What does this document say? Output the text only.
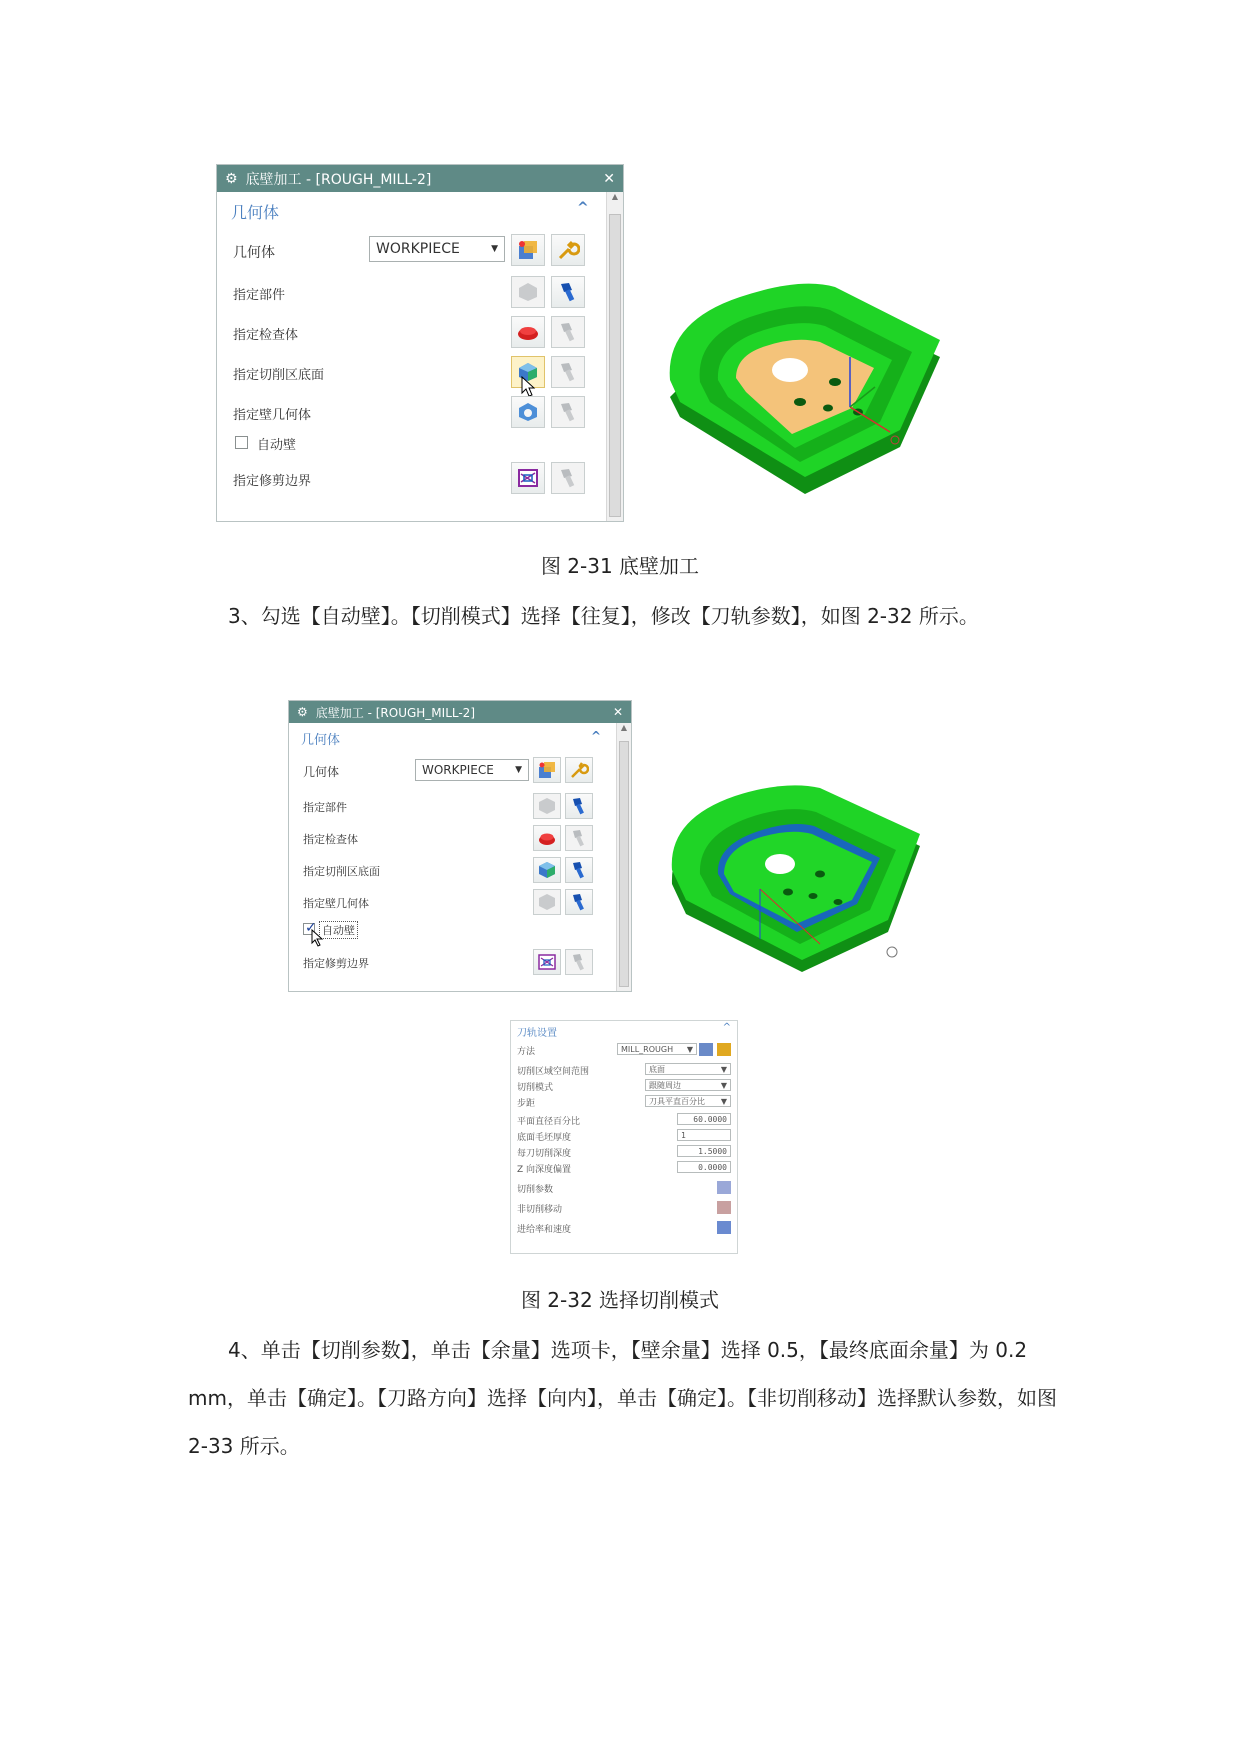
⚙ 底壁加工 - [ROUGH_MILL-2]	✕
几何体	^
几何体	WORKPIECE	▼
指定部件
指定检查体
指定切削区底面
指定壁几何体
自动壁
指定修剪边界
▲
图 2-31 底壁加工

3、勾选【自动壁】。【切削模式】选择【往复】，修改【刀轨参数】，如图 2-32 所示。

⚙ 底壁加工 - [ROUGH_MILL-2]	✕
几何体	^
几何体	WORKPIECE ▼
指定部件
指定检查体
指定切削区底面
指定壁几何体
✓
自动壁
指定修剪边界
▲
刀轨设置
^
方法	MILL_ROUGH ▼
切削区域空间范围	底面	▼
切削模式	跟随周边	▼
步距	刀具平直百分比 ▼
平面直径百分比	60.0000
底面毛坯厚度	1
每刀切削深度	1.5000
Z 向深度偏置	0.0000
切削参数
非切削移动
进给率和速度
图 2-32 选择切削模式

4、单击【切削参数】，单击【余量】选项卡，【壁余量】选择 0.5，【最终底面余量】为 0.2 mm，单击【确定】。【刀路方向】选择【向内】，单击【确定】。【非切削移动】选择默认参数，如图 2-33 所示。
